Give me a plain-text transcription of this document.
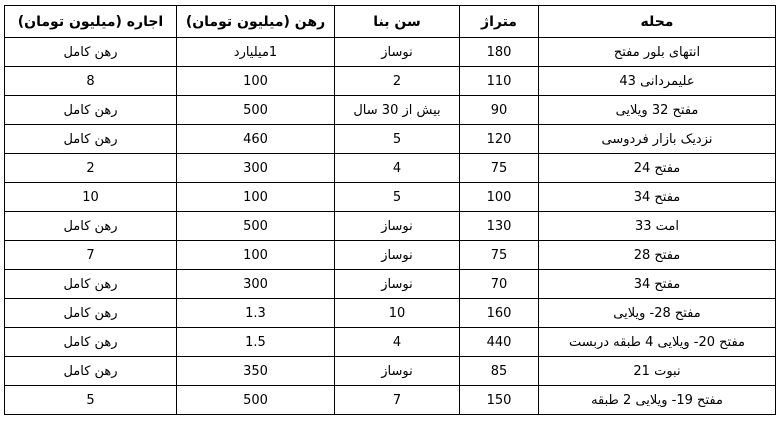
محله	متراژ	سن بنا	رهن (میلیون تومان)	اجاره (میلیون تومان)
انتهای بلور مفتح	180	نوساز	1میلیارد	رهن کامل
علیمردانی 43	110	2	100	8
مفتح 32 ویلایی	90	بیش از 30 سال	500	رهن کامل
نزدیک بازار فردوسی	120	5	460	رهن کامل
مفتح 24	75	4	300	2
مفتح 34	100	5	100	10
امت 33	130	نوساز	500	رهن کامل
مفتح 28	75	نوساز	100	7
مفتح 34	70	نوساز	300	رهن کامل
مفتح 28- ویلایی	160	10	1.3	رهن کامل
مفتح 20- ویلایی 4 طبقه دربست	440	4	1.5	رهن کامل
نبوت 21	85	نوساز	350	رهن کامل
مفتح 19- ویلایی 2 طبقه	150	7	500	5
